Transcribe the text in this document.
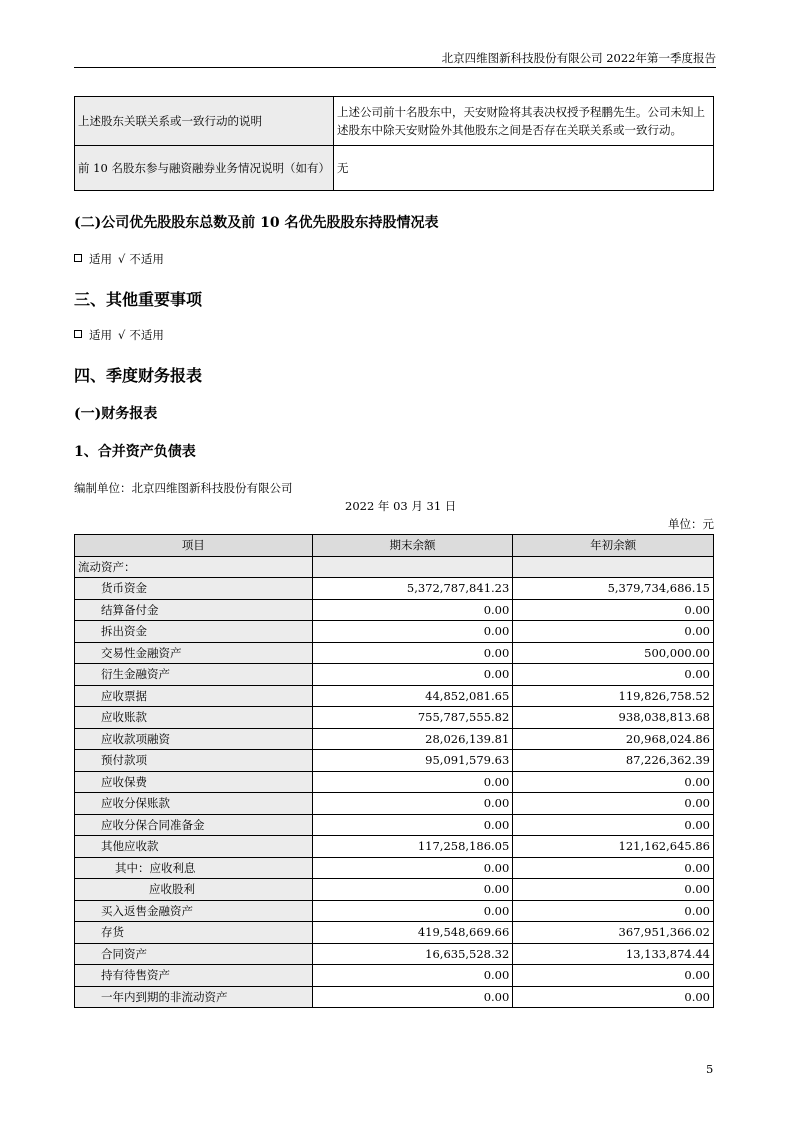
北京四维图新科技股份有限公司 2022年第一季度报告
上述股东关联关系或一致行动的说明	上述公司前十名股东中，天安财险将其表决权授予程鹏先生。公司未知上述股东中除天安财险外其他股东之间是否存在关联关系或一致行动。
前 10 名股东参与融资融券业务情况说明（如有）	无
(二)公司优先股股东总数及前 10 名优先股股东持股情况表
适用 √ 不适用
三、其他重要事项
适用 √ 不适用
四、季度财务报表
(一)财务报表
1、合并资产负债表
编制单位：北京四维图新科技股份有限公司
2022 年 03 月 31 日
单位：元
项目	期末余额	年初余额
流动资产：		
货币资金	5,372,787,841.23	5,379,734,686.15
结算备付金	0.00	0.00
拆出资金	0.00	0.00
交易性金融资产	0.00	500,000.00
衍生金融资产	0.00	0.00
应收票据	44,852,081.65	119,826,758.52
应收账款	755,787,555.82	938,038,813.68
应收款项融资	28,026,139.81	20,968,024.86
预付款项	95,091,579.63	87,226,362.39
应收保费	0.00	0.00
应收分保账款	0.00	0.00
应收分保合同准备金	0.00	0.00
其他应收款	117,258,186.05	121,162,645.86
其中：应收利息	0.00	0.00
应收股利	0.00	0.00
买入返售金融资产	0.00	0.00
存货	419,548,669.66	367,951,366.02
合同资产	16,635,528.32	13,133,874.44
持有待售资产	0.00	0.00
一年内到期的非流动资产	0.00	0.00
5
